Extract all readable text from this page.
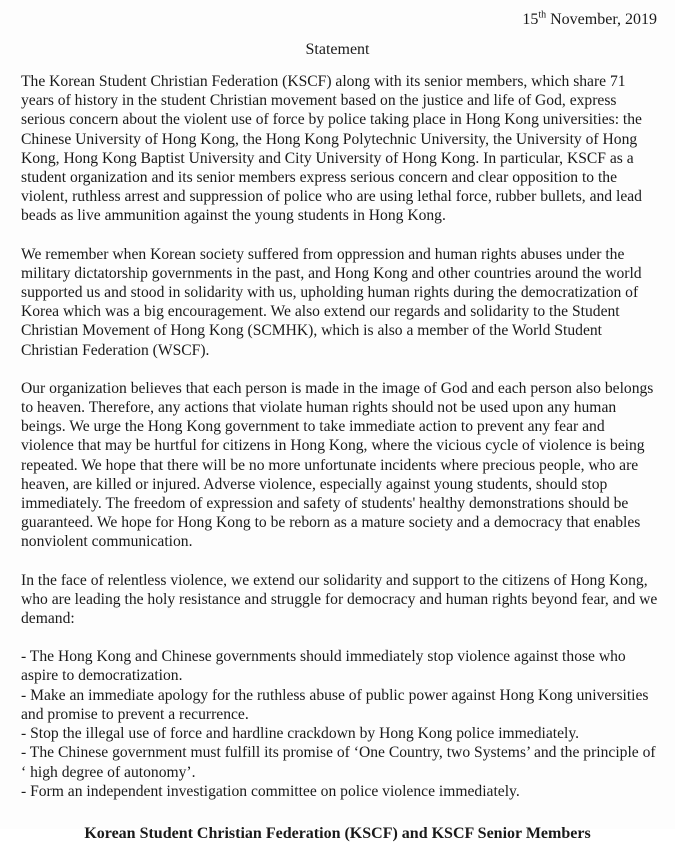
15th November, 2019
Statement

The Korean Student Christian Federation (KSCF) along with its senior members, which share 71 years of history in the student Christian movement based on the justice and life of God, express serious concern about the violent use of force by police taking place in Hong Kong universities: the Chinese University of Hong Kong, the Hong Kong Polytechnic University, the University of Hong Kong, Hong Kong Baptist University and City University of Hong Kong. In particular, KSCF as a student organization and its senior members express serious concern and clear opposition to the violent, ruthless arrest and suppression of police who are using lethal force, rubber bullets, and lead beads as live ammunition against the young students in Hong Kong.

We remember when Korean society suffered from oppression and human rights abuses under the military dictatorship governments in the past, and Hong Kong and other countries around the world supported us and stood in solidarity with us, upholding human rights during the democratization of Korea which was a big encouragement. We also extend our regards and solidarity to the Student Christian Movement of Hong Kong (SCMHK), which is also a member of the World Student Christian Federation (WSCF).

Our organization believes that each person is made in the image of God and each person also belongs to heaven. Therefore, any actions that violate human rights should not be used upon any human beings. We urge the Hong Kong government to take immediate action to prevent any fear and violence that may be hurtful for citizens in Hong Kong, where the vicious cycle of violence is being repeated. We hope that there will be no more unfortunate incidents where precious people, who are heaven, are killed or injured. Adverse violence, especially against young students, should stop immediately. The freedom of expression and safety of students' healthy demonstrations should be guaranteed. We hope for Hong Kong to be reborn as a mature society and a democracy that enables nonviolent communication.

In the face of relentless violence, we extend our solidarity and support to the citizens of Hong Kong, who are leading the holy resistance and struggle for democracy and human rights beyond fear, and we demand:

- The Hong Kong and Chinese governments should immediately stop violence against those who aspire to democratization.
- Make an immediate apology for the ruthless abuse of public power against Hong Kong universities and promise to prevent a recurrence.
- Stop the illegal use of force and hardline crackdown by Hong Kong police immediately.
- The Chinese government must fulfill its promise of ‘One Country, two Systems’ and the principle of ‘ high degree of autonomy’.
- Form an independent investigation committee on police violence immediately.
Korean Student Christian Federation (KSCF) and KSCF Senior Members
